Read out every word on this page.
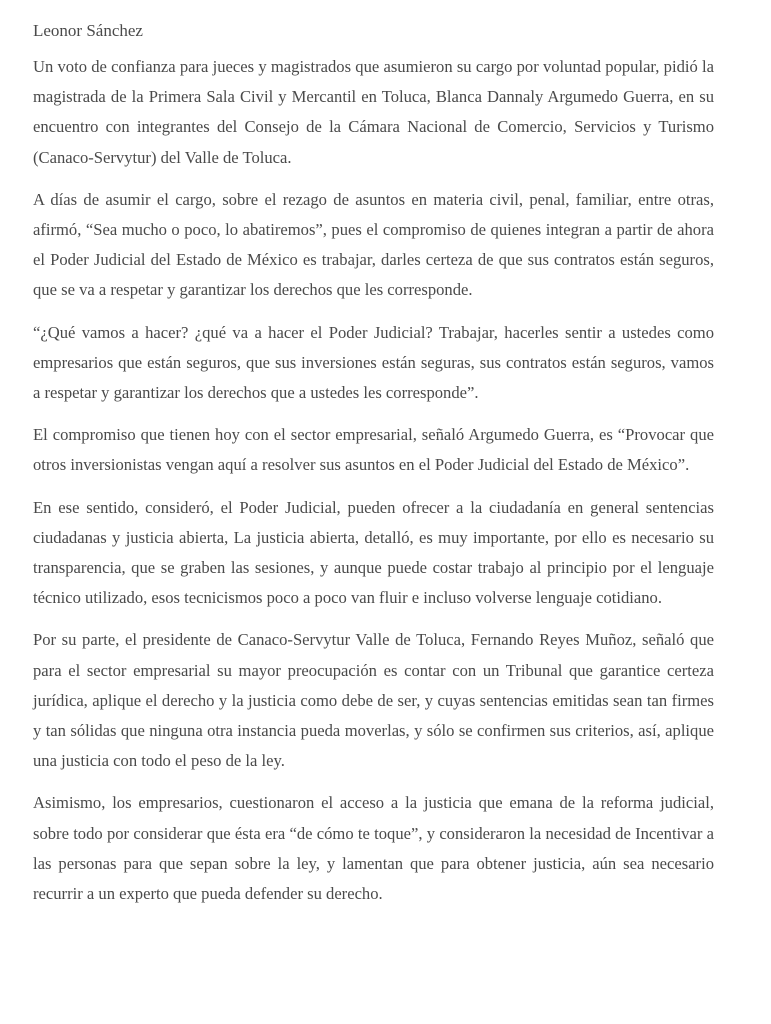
Leonor Sánchez

Un voto de confianza para jueces y magistrados que asumieron su cargo por voluntad popular, pidió la magistrada de la Primera Sala Civil y Mercantil en Toluca, Blanca Dannaly Argumedo Guerra, en su encuentro con integrantes del Consejo de la Cámara Nacional de Comercio, Servicios y Turismo (Canaco-Servytur) del Valle de Toluca.

A días de asumir el cargo, sobre el rezago de asuntos en materia civil, penal, familiar, entre otras, afirmó, “Sea mucho o poco, lo abatiremos”, pues el compromiso de quienes integran a partir de ahora el Poder Judicial del Estado de México es trabajar, darles certeza de que sus contratos están seguros, que se va a respetar y garantizar los derechos que les corresponde.

“¿Qué vamos a hacer? ¿qué va a hacer el Poder Judicial? Trabajar, hacerles sentir a ustedes como empresarios que están seguros, que sus inversiones están seguras, sus contratos están seguros, vamos a respetar y garantizar los derechos que a ustedes les corresponde”.

El compromiso que tienen hoy con el sector empresarial, señaló Argumedo Guerra, es “Provocar que otros inversionistas vengan aquí a resolver sus asuntos en el Poder Judicial del Estado de México”.

En ese sentido, consideró, el Poder Judicial, pueden ofrecer a la ciudadanía en general sentencias ciudadanas y justicia abierta, La justicia abierta, detalló, es muy importante, por ello es necesario su transparencia, que se graben las sesiones, y aunque puede costar trabajo al principio por el lenguaje técnico utilizado, esos tecnicismos poco a poco van fluir e incluso volverse lenguaje cotidiano.

Por su parte, el presidente de Canaco-Servytur Valle de Toluca, Fernando Reyes Muñoz, señaló que para el sector empresarial su mayor preocupación es contar con un Tribunal que garantice certeza jurídica, aplique el derecho y la justicia como debe de ser, y cuyas sentencias emitidas sean tan firmes y tan sólidas que ninguna otra instancia pueda moverlas, y sólo se confirmen sus criterios, así, aplique una justicia con todo el peso de la ley.

Asimismo, los empresarios, cuestionaron el acceso a la justicia que emana de la reforma judicial, sobre todo por considerar que ésta era “de cómo te toque”, y consideraron la necesidad de Incentivar a las personas para que sepan sobre la ley, y lamentan que para obtener justicia, aún sea necesario recurrir a un experto que pueda defender su derecho.
